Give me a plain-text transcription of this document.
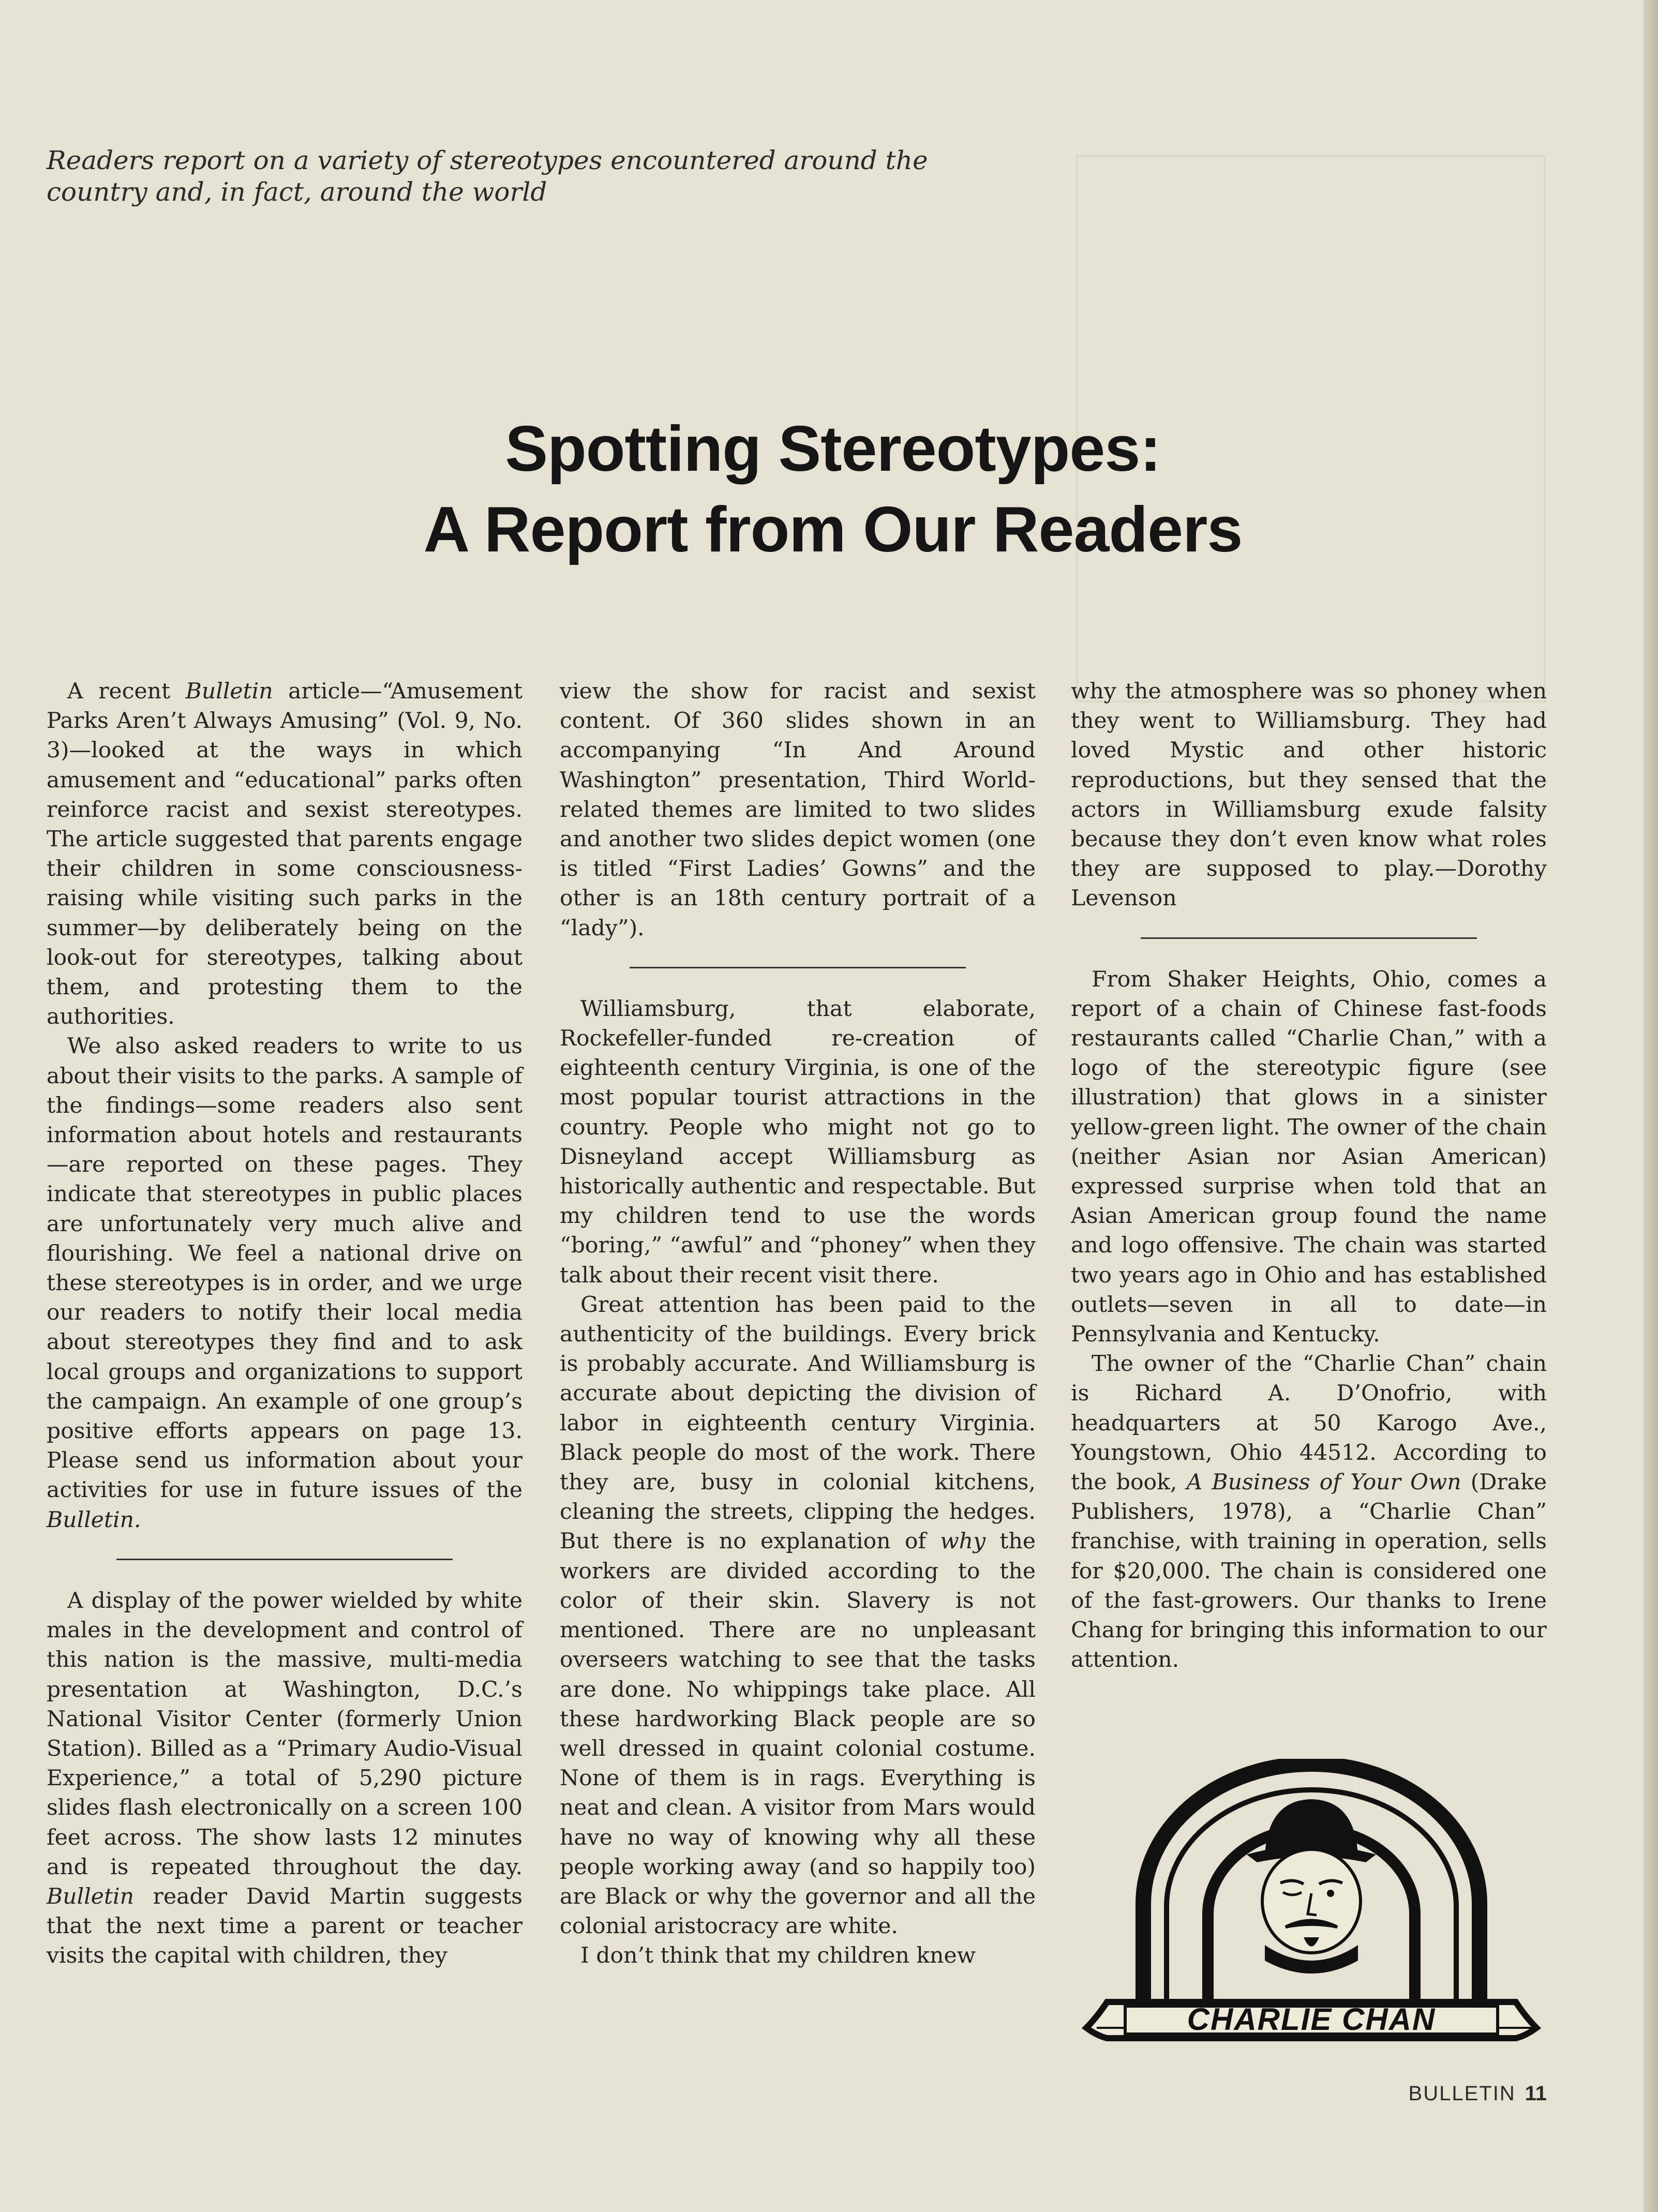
Readers report on a variety of stereotypes encountered around the country and, in fact, around the world
Spotting Stereotypes:
A Report from Our Readers

A recent Bulletin article—“Amusement Parks Aren’t Always Amusing” (Vol. 9, No. 3)—looked at the ways in which amusement and “educational” parks often reinforce racist and sexist stereotypes. The article suggested that parents engage their children in some consciousness-raising while visiting such parks in the summer—by deliberately being on the look-out for stereotypes, talking about them, and protesting them to the authorities.

We also asked readers to write to us about their visits to the parks. A sample of the findings—some readers also sent information about hotels and restaurants—are reported on these pages. They indicate that stereotypes in public places are unfortunately very much alive and flourishing. We feel a national drive on these stereotypes is in order, and we urge our readers to notify their local media about stereotypes they find and to ask local groups and organizations to support the campaign. An example of one group’s positive efforts appears on page 13. Please send us information about your activities for use in future issues of the Bulletin.

A display of the power wielded by white males in the development and control of this nation is the massive, multi-media presentation at Washington, D.C.’s National Visitor Center (formerly Union Station). Billed as a “Primary Audio-Visual Experience,” a total of 5,290 picture slides flash electronically on a screen 100 feet across. The show lasts 12 minutes and is repeated throughout the day. Bulletin reader David Martin suggests that the next time a parent or teacher visits the capital with children, they

view the show for racist and sexist content. Of 360 slides shown in an accompanying “In And Around Washington” presentation, Third World-related themes are limited to two slides and another two slides depict women (one is titled “First Ladies’ Gowns” and the other is an 18th century portrait of a “lady”).

Williamsburg, that elaborate, Rockefeller-funded re-creation of eighteenth century Virginia, is one of the most popular tourist attractions in the country. People who might not go to Disneyland accept Williamsburg as historically authentic and respectable. But my children tend to use the words “boring,” “awful” and “phoney” when they talk about their recent visit there.

Great attention has been paid to the authenticity of the buildings. Every brick is probably accurate. And Williamsburg is accurate about depicting the division of labor in eighteenth century Virginia. Black people do most of the work. There they are, busy in colonial kitchens, cleaning the streets, clipping the hedges. But there is no explanation of why the workers are divided according to the color of their skin. Slavery is not mentioned. There are no unpleasant overseers watching to see that the tasks are done. No whippings take place. All these hardworking Black people are so well dressed in quaint colonial costume. None of them is in rags. Everything is neat and clean. A visitor from Mars would have no way of knowing why all these people working away (and so happily too) are Black or why the governor and all the colonial aristocracy are white.

I don’t think that my children knew

why the atmosphere was so phoney when they went to Williamsburg. They had loved Mystic and other historic reproductions, but they sensed that the actors in Williamsburg exude falsity because they don’t even know what roles they are supposed to play.—Dorothy Levenson

From Shaker Heights, Ohio, comes a report of a chain of Chinese fast-foods restaurants called “Charlie Chan,” with a logo of the stereotypic figure (see illustration) that glows in a sinister yellow-green light. The owner of the chain (neither Asian nor Asian American) expressed surprise when told that an Asian American group found the name and logo offensive. The chain was started two years ago in Ohio and has established outlets—seven in all to date—in Pennsylvania and Kentucky.

The owner of the “Charlie Chan” chain is Richard A. D’Onofrio, with headquarters at 50 Karogo Ave., Youngstown, Ohio 44512. According to the book, A Business of Your Own (Drake Publishers, 1978), a “Charlie Chan” franchise, with training in operation, sells for $20,000. The chain is considered one of the fast-growers. Our thanks to Irene Chang for bringing this information to our attention.

CHARLIE CHAN
BULLETIN 11
